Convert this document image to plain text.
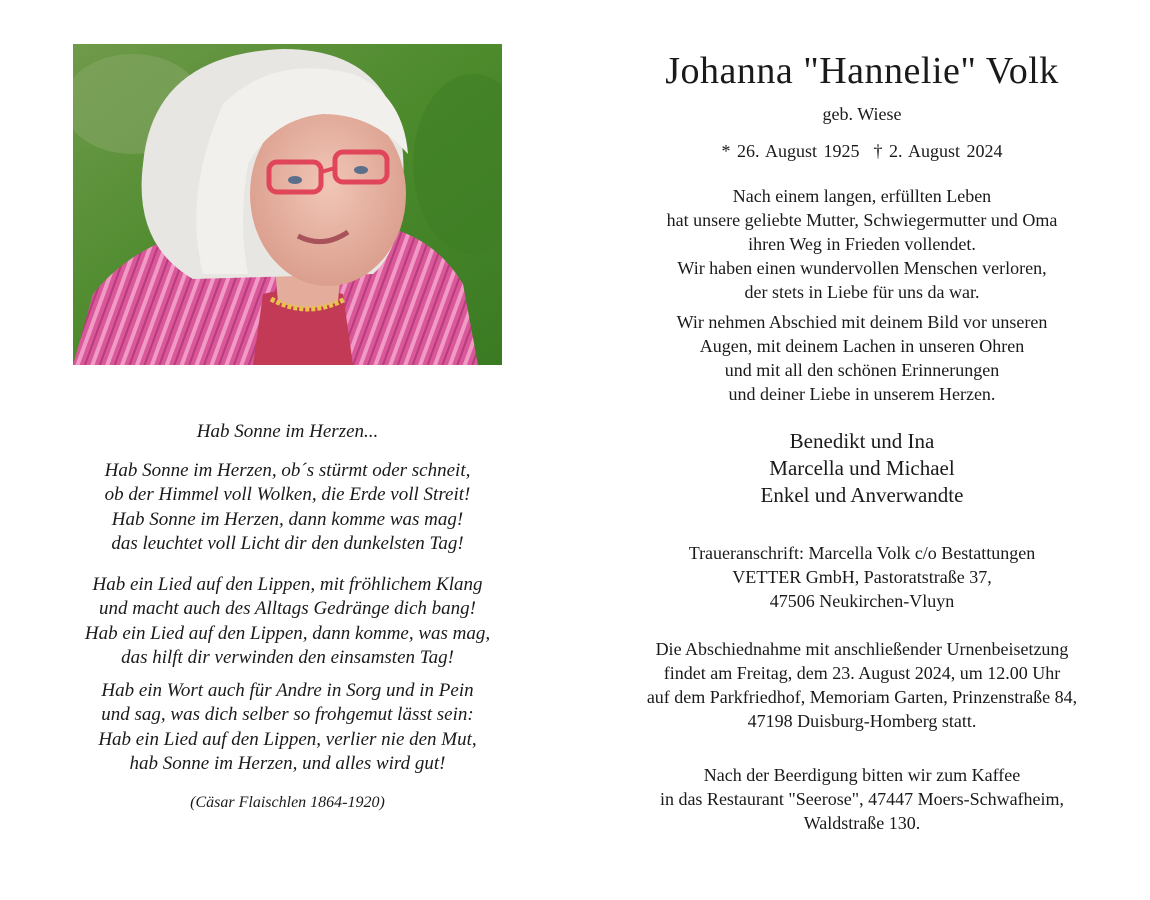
Hab Sonne im Herzen...
Hab Sonne im Herzen, ob´s stürmt oder schneit,
ob der Himmel voll Wolken, die Erde voll Streit!
Hab Sonne im Herzen, dann komme was mag!
das leuchtet voll Licht dir den dunkelsten Tag!
Hab ein Lied auf den Lippen, mit fröhlichem Klang
und macht auch des Alltags Gedränge dich bang!
Hab ein Lied auf den Lippen, dann komme, was mag,
das hilft dir verwinden den einsamsten Tag!
Hab ein Wort auch für Andre in Sorg und in Pein
und sag, was dich selber so frohgemut lässt sein:
Hab ein Lied auf den Lippen, verlier nie den Mut,
hab Sonne im Herzen, und alles wird gut!
(Cäsar Flaischlen 1864-1920)
Johanna "Hannelie" Volk
geb. Wiese
* 26. August 1925 † 2. August 2024
Nach einem langen, erfüllten Leben
hat unsere geliebte Mutter, Schwiegermutter und Oma
ihren Weg in Frieden vollendet.
Wir haben einen wundervollen Menschen verloren,
der stets in Liebe für uns da war.
Wir nehmen Abschied mit deinem Bild vor unseren
Augen, mit deinem Lachen in unseren Ohren
und mit all den schönen Erinnerungen
und deiner Liebe in unserem Herzen.
Benedikt und Ina
Marcella und Michael
Enkel und Anverwandte
Traueranschrift: Marcella Volk c/o Bestattungen
VETTER GmbH, Pastoratstraße 37,
47506 Neukirchen-Vluyn
Die Abschiednahme mit anschließender Urnenbeisetzung
findet am Freitag, dem 23. August 2024, um 12.00 Uhr
auf dem Parkfriedhof, Memoriam Garten, Prinzenstraße 84,
47198 Duisburg-Homberg statt.
Nach der Beerdigung bitten wir zum Kaffee
in das Restaurant "Seerose", 47447 Moers-Schwafheim,
Waldstraße 130.
